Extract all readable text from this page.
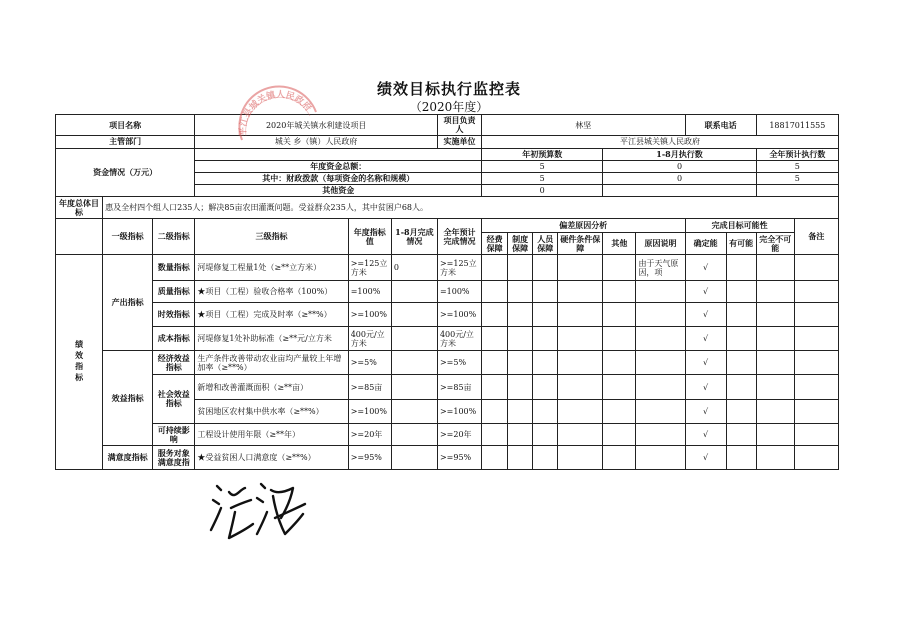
绩效目标执行监控表
（2020年度）
项目名称			2020年城关镇水利建设项目			项目负责人	林坚						联系电话		18817011555	
主管部门			城关 乡（镇）人民政府			实施单位	平江县城关镇人民政府									
资金情况（万元）							年初预算数				1-8月执行数				全年预计执行数	
			年度资金总额：				5				0				5	
			其中：财政拨款（每项资金的名称和规模）				5				0				5	
			其他资金				0									
年度总体目标	惠及全村四个组人口235人；解决85亩农田灌溉问题。受益群众235人，其中贫困户68人。															
	一级指标	二级指标	三级指标	年度指标值	1-8月完成情况	全年预计完成情况	偏差原因分析						完成目标可能性			备注
							经费保障	制度保障	人员保障	硬件条件保障	其他	原因说明	确定能	有可能	完全不可能	

绩效指标	产出指标	数量指标	河堤修复工程量1处（≥**立方米）	>=125立方米	0	>=125立方米						由于天气原因，项	√			
		质量指标	★项目（工程）验收合格率（100%）	=100%		=100%							√			
		时效指标	★项目（工程）完成及时率（≥**%）	>=100%		>=100%							√			
		成本指标	河堤修复1处补助标准（≥**元/立方米	400元/立方米		400元/立方米							√			
	效益指标	经济效益指标	生产条件改善带动农业亩均产量较上年增加率（≥**%）	>=5%		>=5%							√			
		社会效益指标	新增和改善灌溉面积（≥**亩）	>=85亩		>=85亩							√			
			贫困地区农村集中供水率（≥**%）	>=100%		>=100%							√			
		可持续影响	工程设计使用年限（≥**年）	>=20年		>=20年							√			
	满意度指标	服务对象满意度指	★受益贫困人口满意度（≥**%）	>=95%		>=95%							√			
平江县城关镇人民政府
